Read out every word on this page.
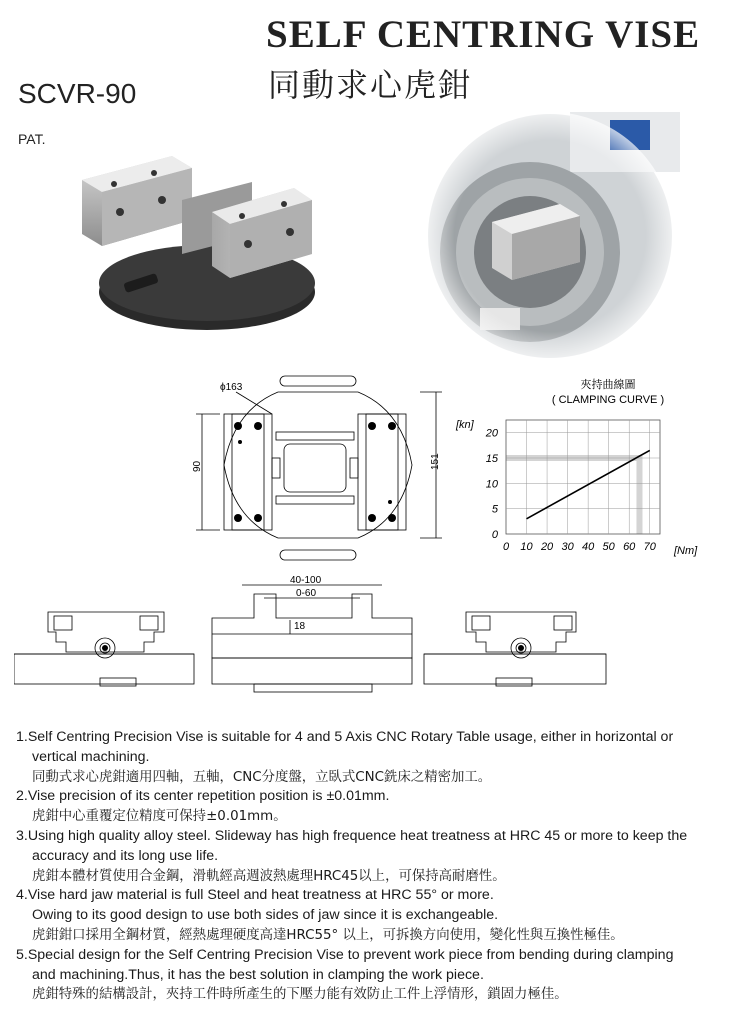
SELF CENTRING VISE
同動求心虎鉗
SCVR-90
PAT.
ϕ163
90	151
夾持曲線圖
( CLAMPING CURVE )
[kn]
[Nm]
0
5
10
15
20
0 10 20 30 40 50 60 70
40-100
0-60
18
1.Self Centring Precision Vise is suitable for 4 and 5 Axis CNC Rotary Table usage, either in horizontal or
vertical machining.
同動式求心虎鉗適用四軸，五軸，CNC分度盤，立臥式CNC銑床之精密加工。
2.Vise precision of its center repetition position is ±0.01mm.
虎鉗中心重覆定位精度可保持±0.01mm。
3.Using high quality alloy steel. Slideway has high frequence heat treatness at HRC 45 or more to keep the
accuracy and its long use life.
虎鉗本體材質使用合金鋼，滑軌經高週波熱處理HRC45以上，可保持高耐磨性。
4.Vise hard jaw material is full Steel and heat treatness at HRC 55° or more.
Owing to its good design to use both sides of jaw since it is exchangeable.
虎鉗鉗口採用全鋼材質，經熱處理硬度高達HRC55° 以上，可拆換方向使用，變化性與互換性極佳。
5.Special design for the Self Centring Precision Vise to prevent work piece from bending during clamping
and machining.Thus, it has the best solution in clamping the work piece.
虎鉗特殊的結構設計，夾持工件時所產生的下壓力能有效防止工件上浮情形，鎖固力極佳。
